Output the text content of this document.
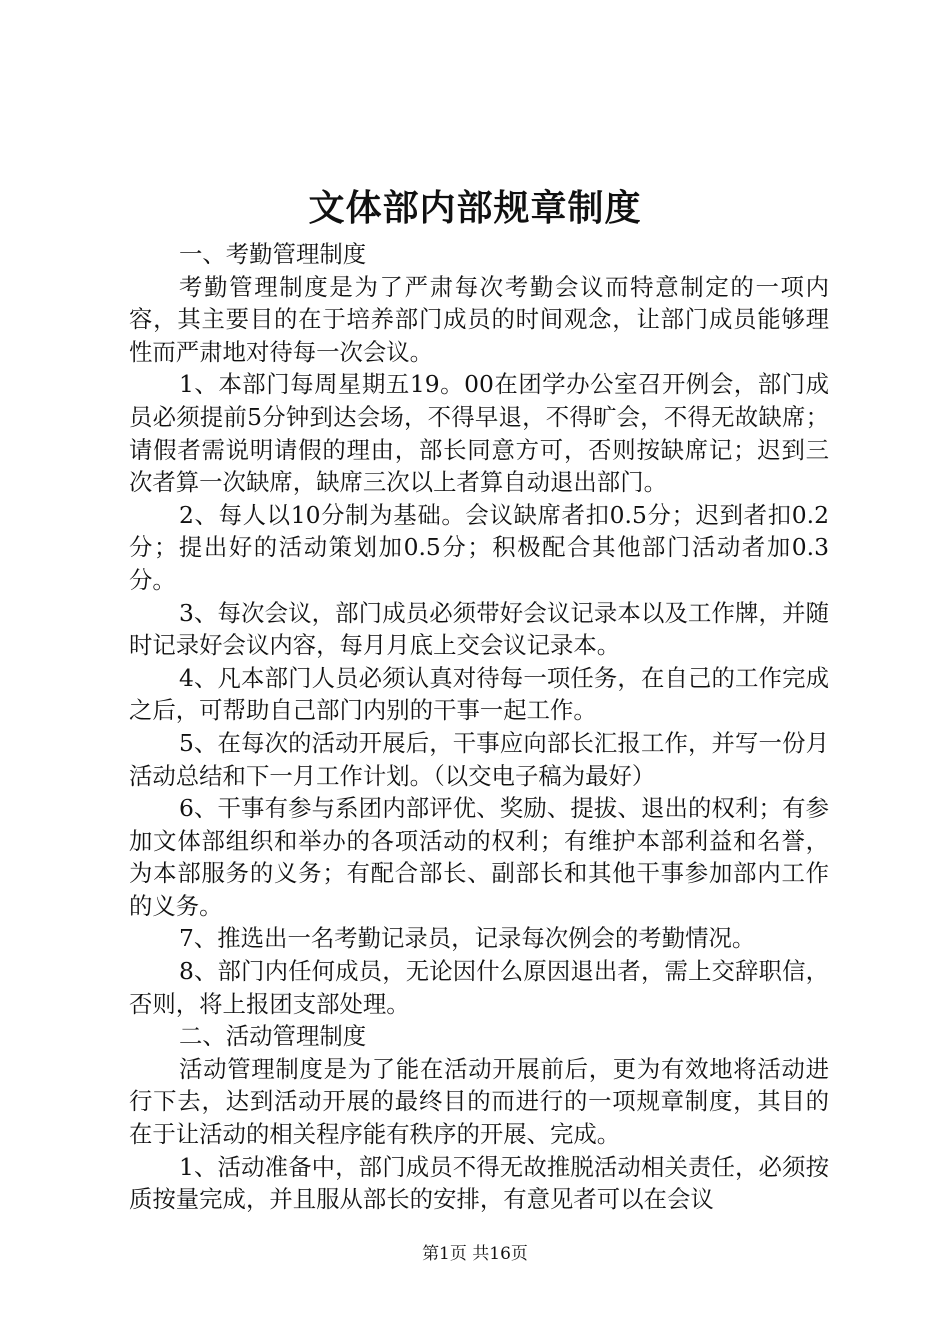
文体部内部规章制度

一、考勤管理制度

考勤管理制度是为了严肃每次考勤会议而特意制定的一项内容，其主要目的在于培养部门成员的时间观念，让部门成员能够理性而严肃地对待每一次会议。

1、本部门每周星期五19。00在团学办公室召开例会，部门成员必须提前5分钟到达会场，不得早退，不得旷会，不得无故缺席；请假者需说明请假的理由，部长同意方可，否则按缺席记；迟到三次者算一次缺席，缺席三次以上者算自动退出部门。

2、每人以10分制为基础。会议缺席者扣0.5分；迟到者扣0.2分；提出好的活动策划加0.5分；积极配合其他部门活动者加0.3分。

3、每次会议，部门成员必须带好会议记录本以及工作牌，并随时记录好会议内容，每月月底上交会议记录本。

4、凡本部门人员必须认真对待每一项任务，在自己的工作完成之后，可帮助自己部门内别的干事一起工作。

5、在每次的活动开展后，干事应向部长汇报工作，并写一份月活动总结和下一月工作计划。（以交电子稿为最好）

6、干事有参与系团内部评优、奖励、提拔、退出的权利；有参加文体部组织和举办的各项活动的权利；有维护本部利益和名誉，为本部服务的义务；有配合部长、副部长和其他干事参加部内工作的义务。

7、推选出一名考勤记录员，记录每次例会的考勤情况。

8、部门内任何成员，无论因什么原因退出者，需上交辞职信，否则，将上报团支部处理。

二、活动管理制度

活动管理制度是为了能在活动开展前后，更为有效地将活动进行下去，达到活动开展的最终目的而进行的一项规章制度，其目的在于让活动的相关程序能有秩序的开展、完成。

1、活动准备中，部门成员不得无故推脱活动相关责任，必须按质按量完成，并且服从部长的安排，有意见者可以在会议

第1页 共16页
